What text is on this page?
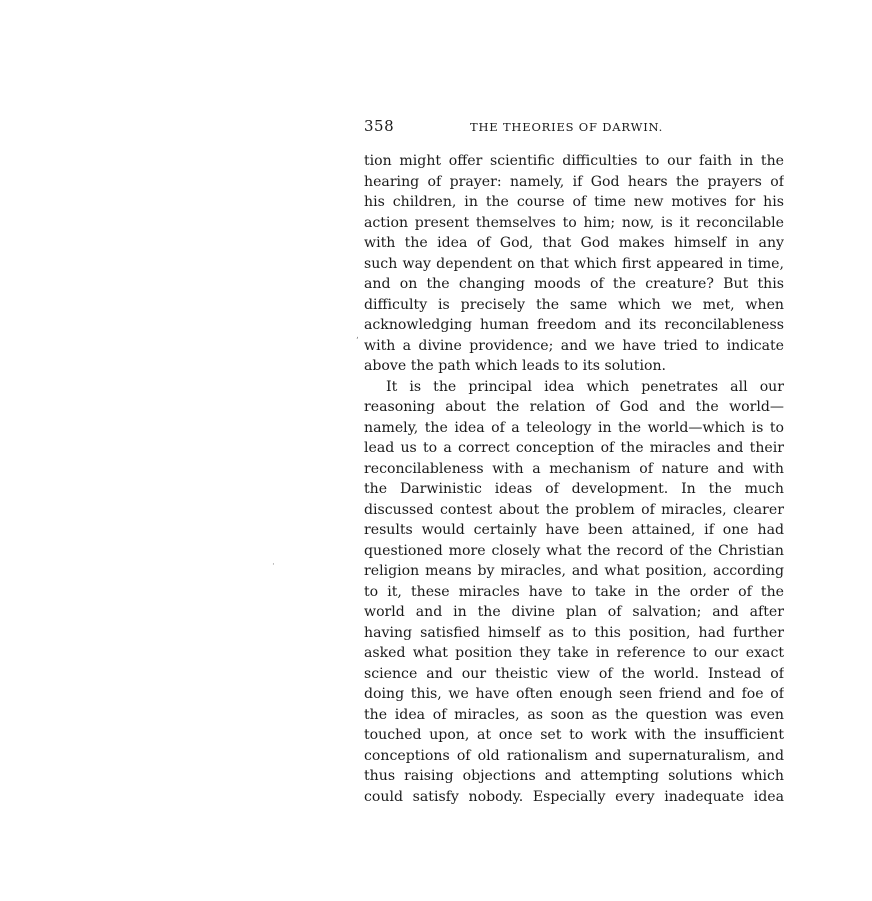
358	THE THEORIES OF DARWIN.
tion might offer scientific difficulties to our faith in the
hearing of prayer: namely, if God hears the prayers of
his children, in the course of time new motives for his
action present themselves to him; now, is it reconcilable
with the idea of God, that God makes himself in any
such way dependent on that which first appeared in time,
and on the changing moods of the creature? But this
difficulty is precisely the same which we met, when
acknowledging human freedom and its reconcilableness
with a divine providence; and we have tried to indicate
above the path which leads to its solution.
It is the principal idea which penetrates all our
reasoning about the relation of God and the world—
namely, the idea of a teleology in the world—which is to
lead us to a correct conception of the miracles and their
reconcilableness with a mechanism of nature and with
the Darwinistic ideas of development. In the much
discussed contest about the problem of miracles, clearer
results would certainly have been attained, if one had
questioned more closely what the record of the Christian
religion means by miracles, and what position, according
to it, these miracles have to take in the order of the
world and in the divine plan of salvation; and after
having satisfied himself as to this position, had further
asked what position they take in reference to our exact
science and our theistic view of the world. Instead of
doing this, we have often enough seen friend and foe of
the idea of miracles, as soon as the question was even
touched upon, at once set to work with the insufficient
conceptions of old rationalism and supernaturalism, and
thus raising objections and attempting solutions which
could satisfy nobody. Especially every inadequate idea
,
·
